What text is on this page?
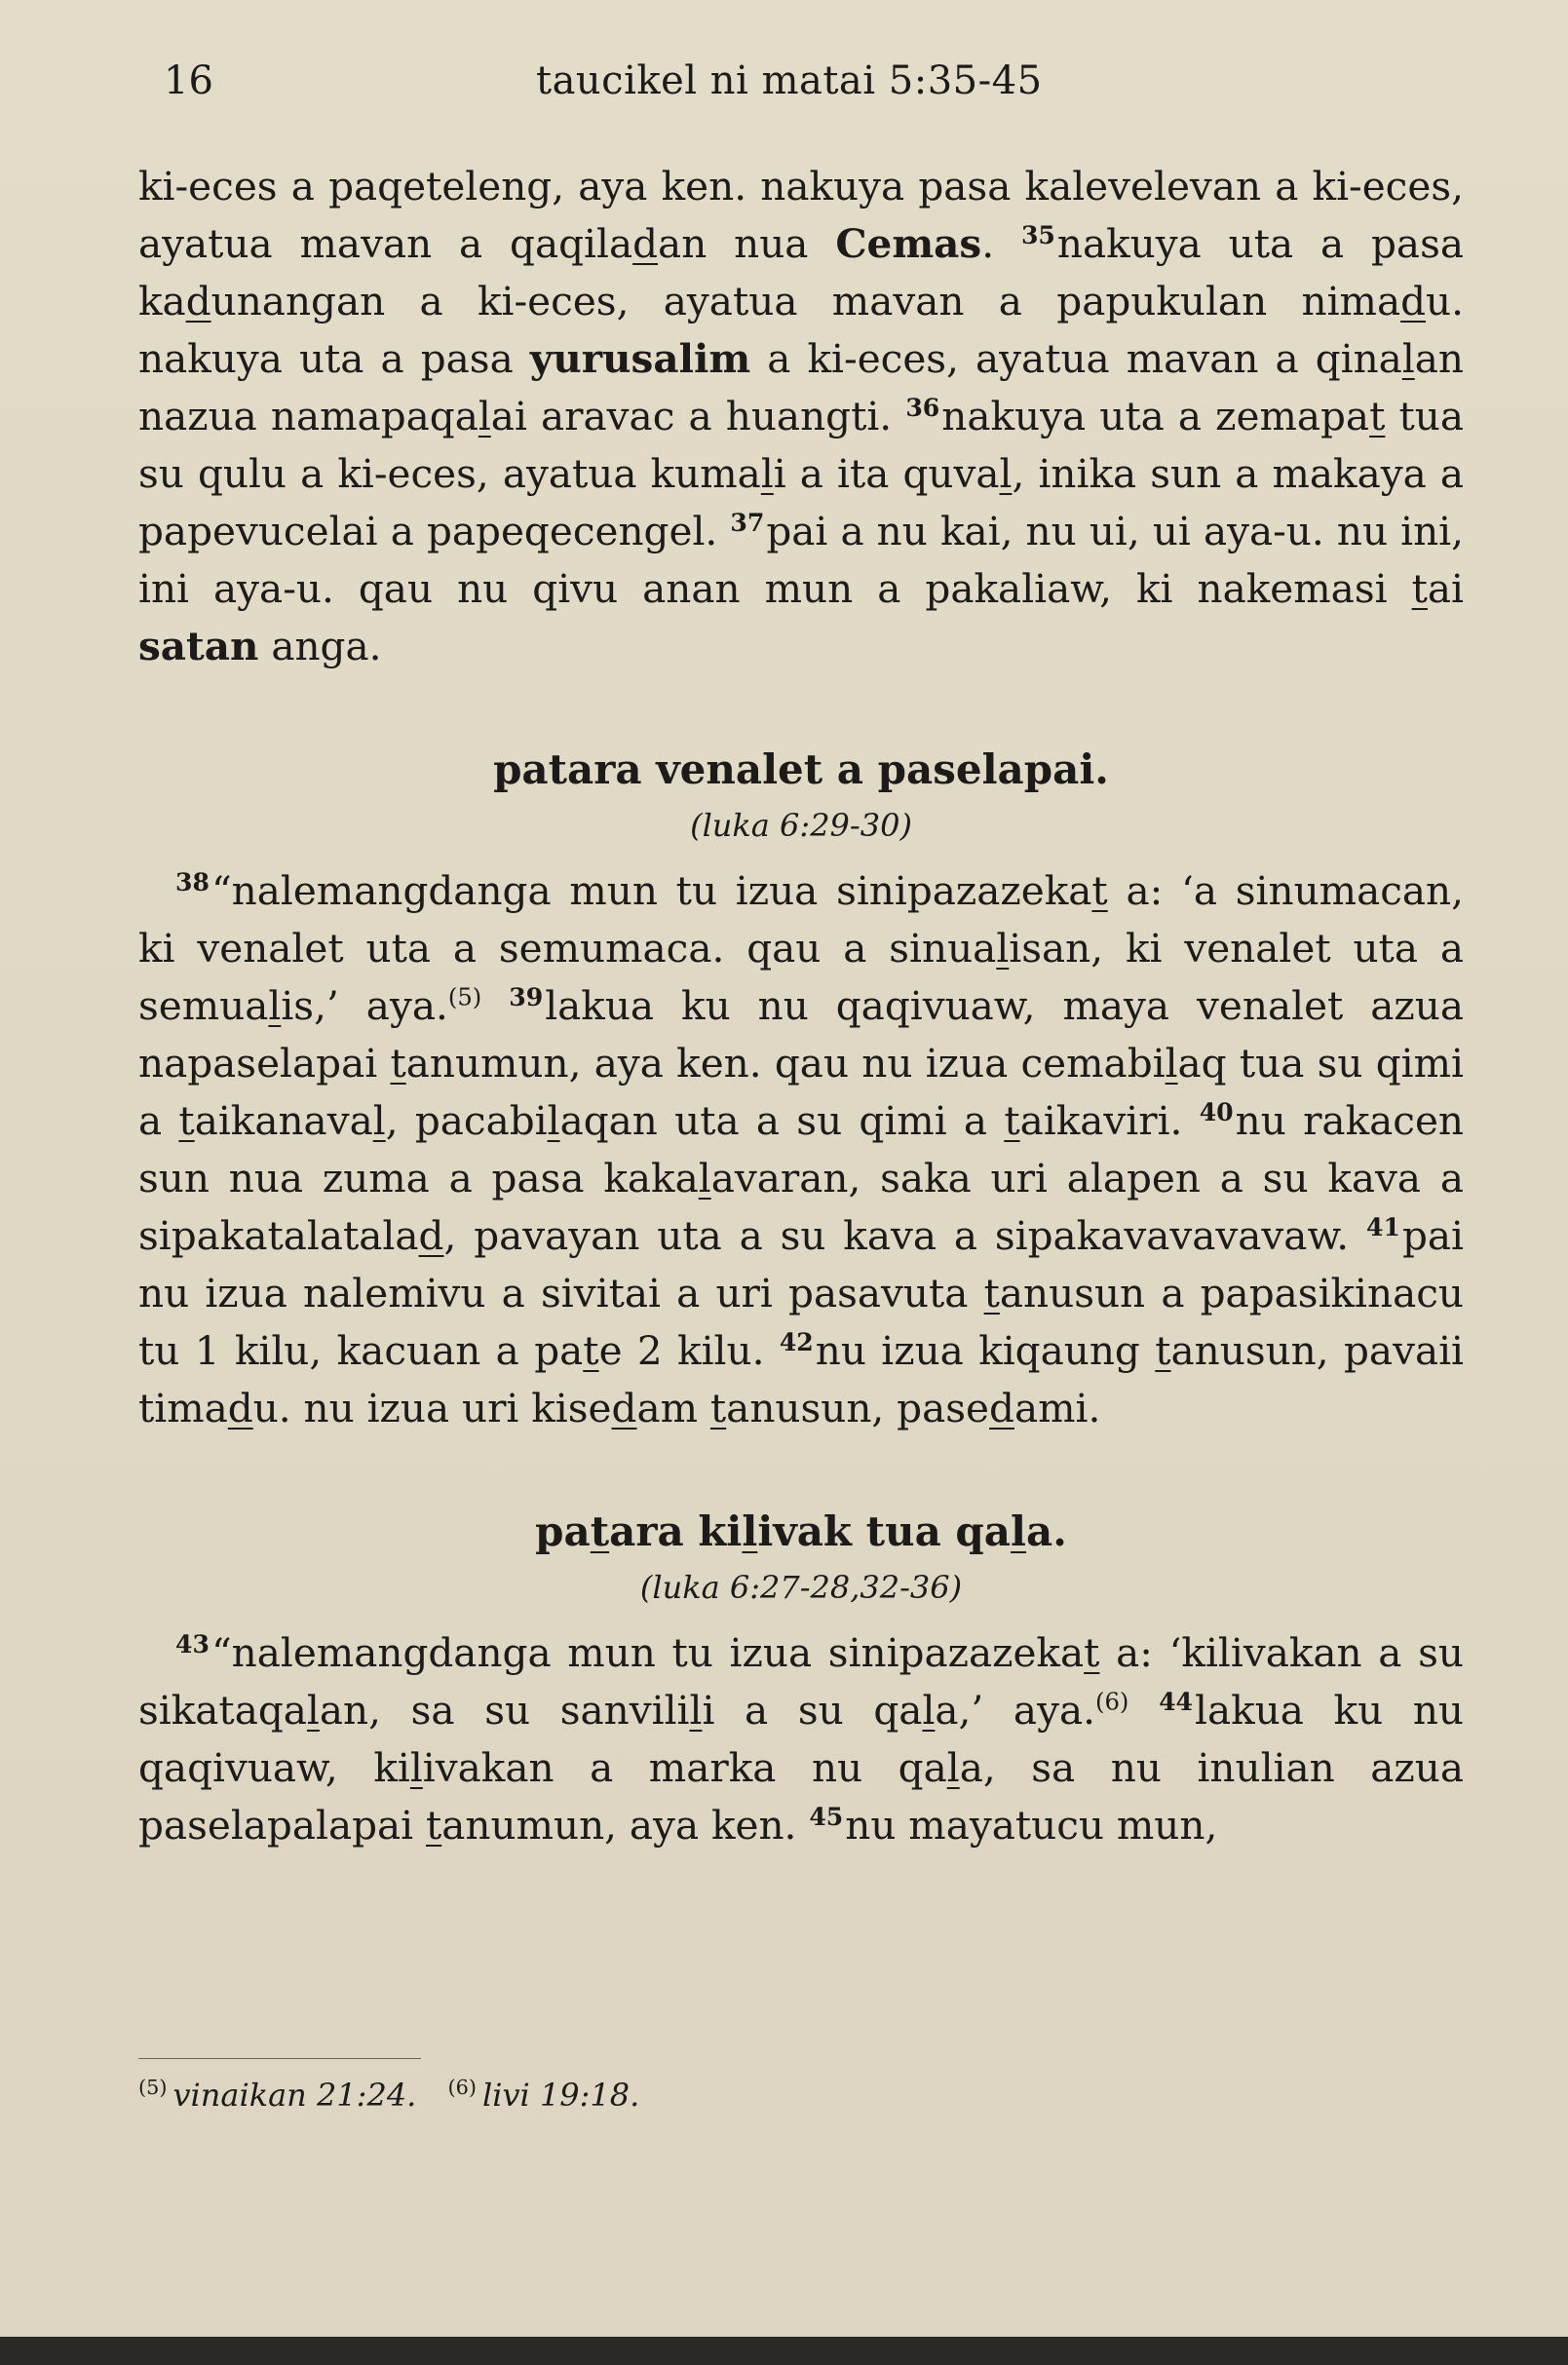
16	taucikel ni matai 5:35-45

ki-eces a paqeteleng, aya ken. nakuya pasa kalevelevan a ki-eces, ayatua mavan a qaqiladan nua Cemas. $^{35}$nakuya uta a pasa kadunangan a ki-eces, ayatua mavan a papukulan nimadu. nakuya uta a pasa yurusalim a ki-eces, ayatua mavan a qinalan nazua namapaqalai aravac a huangti. $^{36}$nakuya uta a zemapat tua su qulu a ki-eces, ayatua kumali a ita quval, inika sun a makaya a papevucelai a papeqecengel. $^{37}$pai a nu kai, nu ui, ui aya-u. nu ini, ini aya-u. qau nu qivu anan mun a pakaliaw, ki nakemasi tai satan anga.

patara venalet a paselapai.
(luka 6:29-30)

$^{38}$“nalemangdanga mun tu izua sinipazazekat a: ‘a sinumacan, ki venalet uta a semumaca. qau a sinualisan, ki venalet uta a semualis,’ aya.$^{(5)}$ $^{39}$lakua ku nu qaqivuaw, maya venalet azua napaselapai tanumun, aya ken. qau nu izua cemabilaq tua su qimi a taikanaval, pacabilaqan uta a su qimi a taikaviri. $^{40}$nu rakacen sun nua zuma a pasa kakalavaran, saka uri alapen a su kava a sipakatalatalad, pavayan uta a su kava a sipakavavavavaw. $^{41}$pai nu izua nalemivu a sivitai a uri pasavuta tanusun a papasikinacu tu 1 kilu, kacuan a pate 2 kilu. $^{42}$nu izua kiqaung tanusun, pavaii timadu. nu izua uri kisedam tanusun, pasedami.

patara kilivak tua qala.
(luka 6:27-28,32-36)

$^{43}$“nalemangdanga mun tu izua sinipazazekat a: ‘kilivakan a su sikataqalan, sa su sanvilili a su qala,’ aya.$^{(6)}$ $^{44}$lakua ku nu qaqivuaw, kilivakan a marka nu qala, sa nu inulian azua paselapalapai tanumun, aya ken. $^{45}$nu mayatucu mun,

$^{(5)}$ vinaikan 21:24. $^{(6)}$ livi 19:18.
